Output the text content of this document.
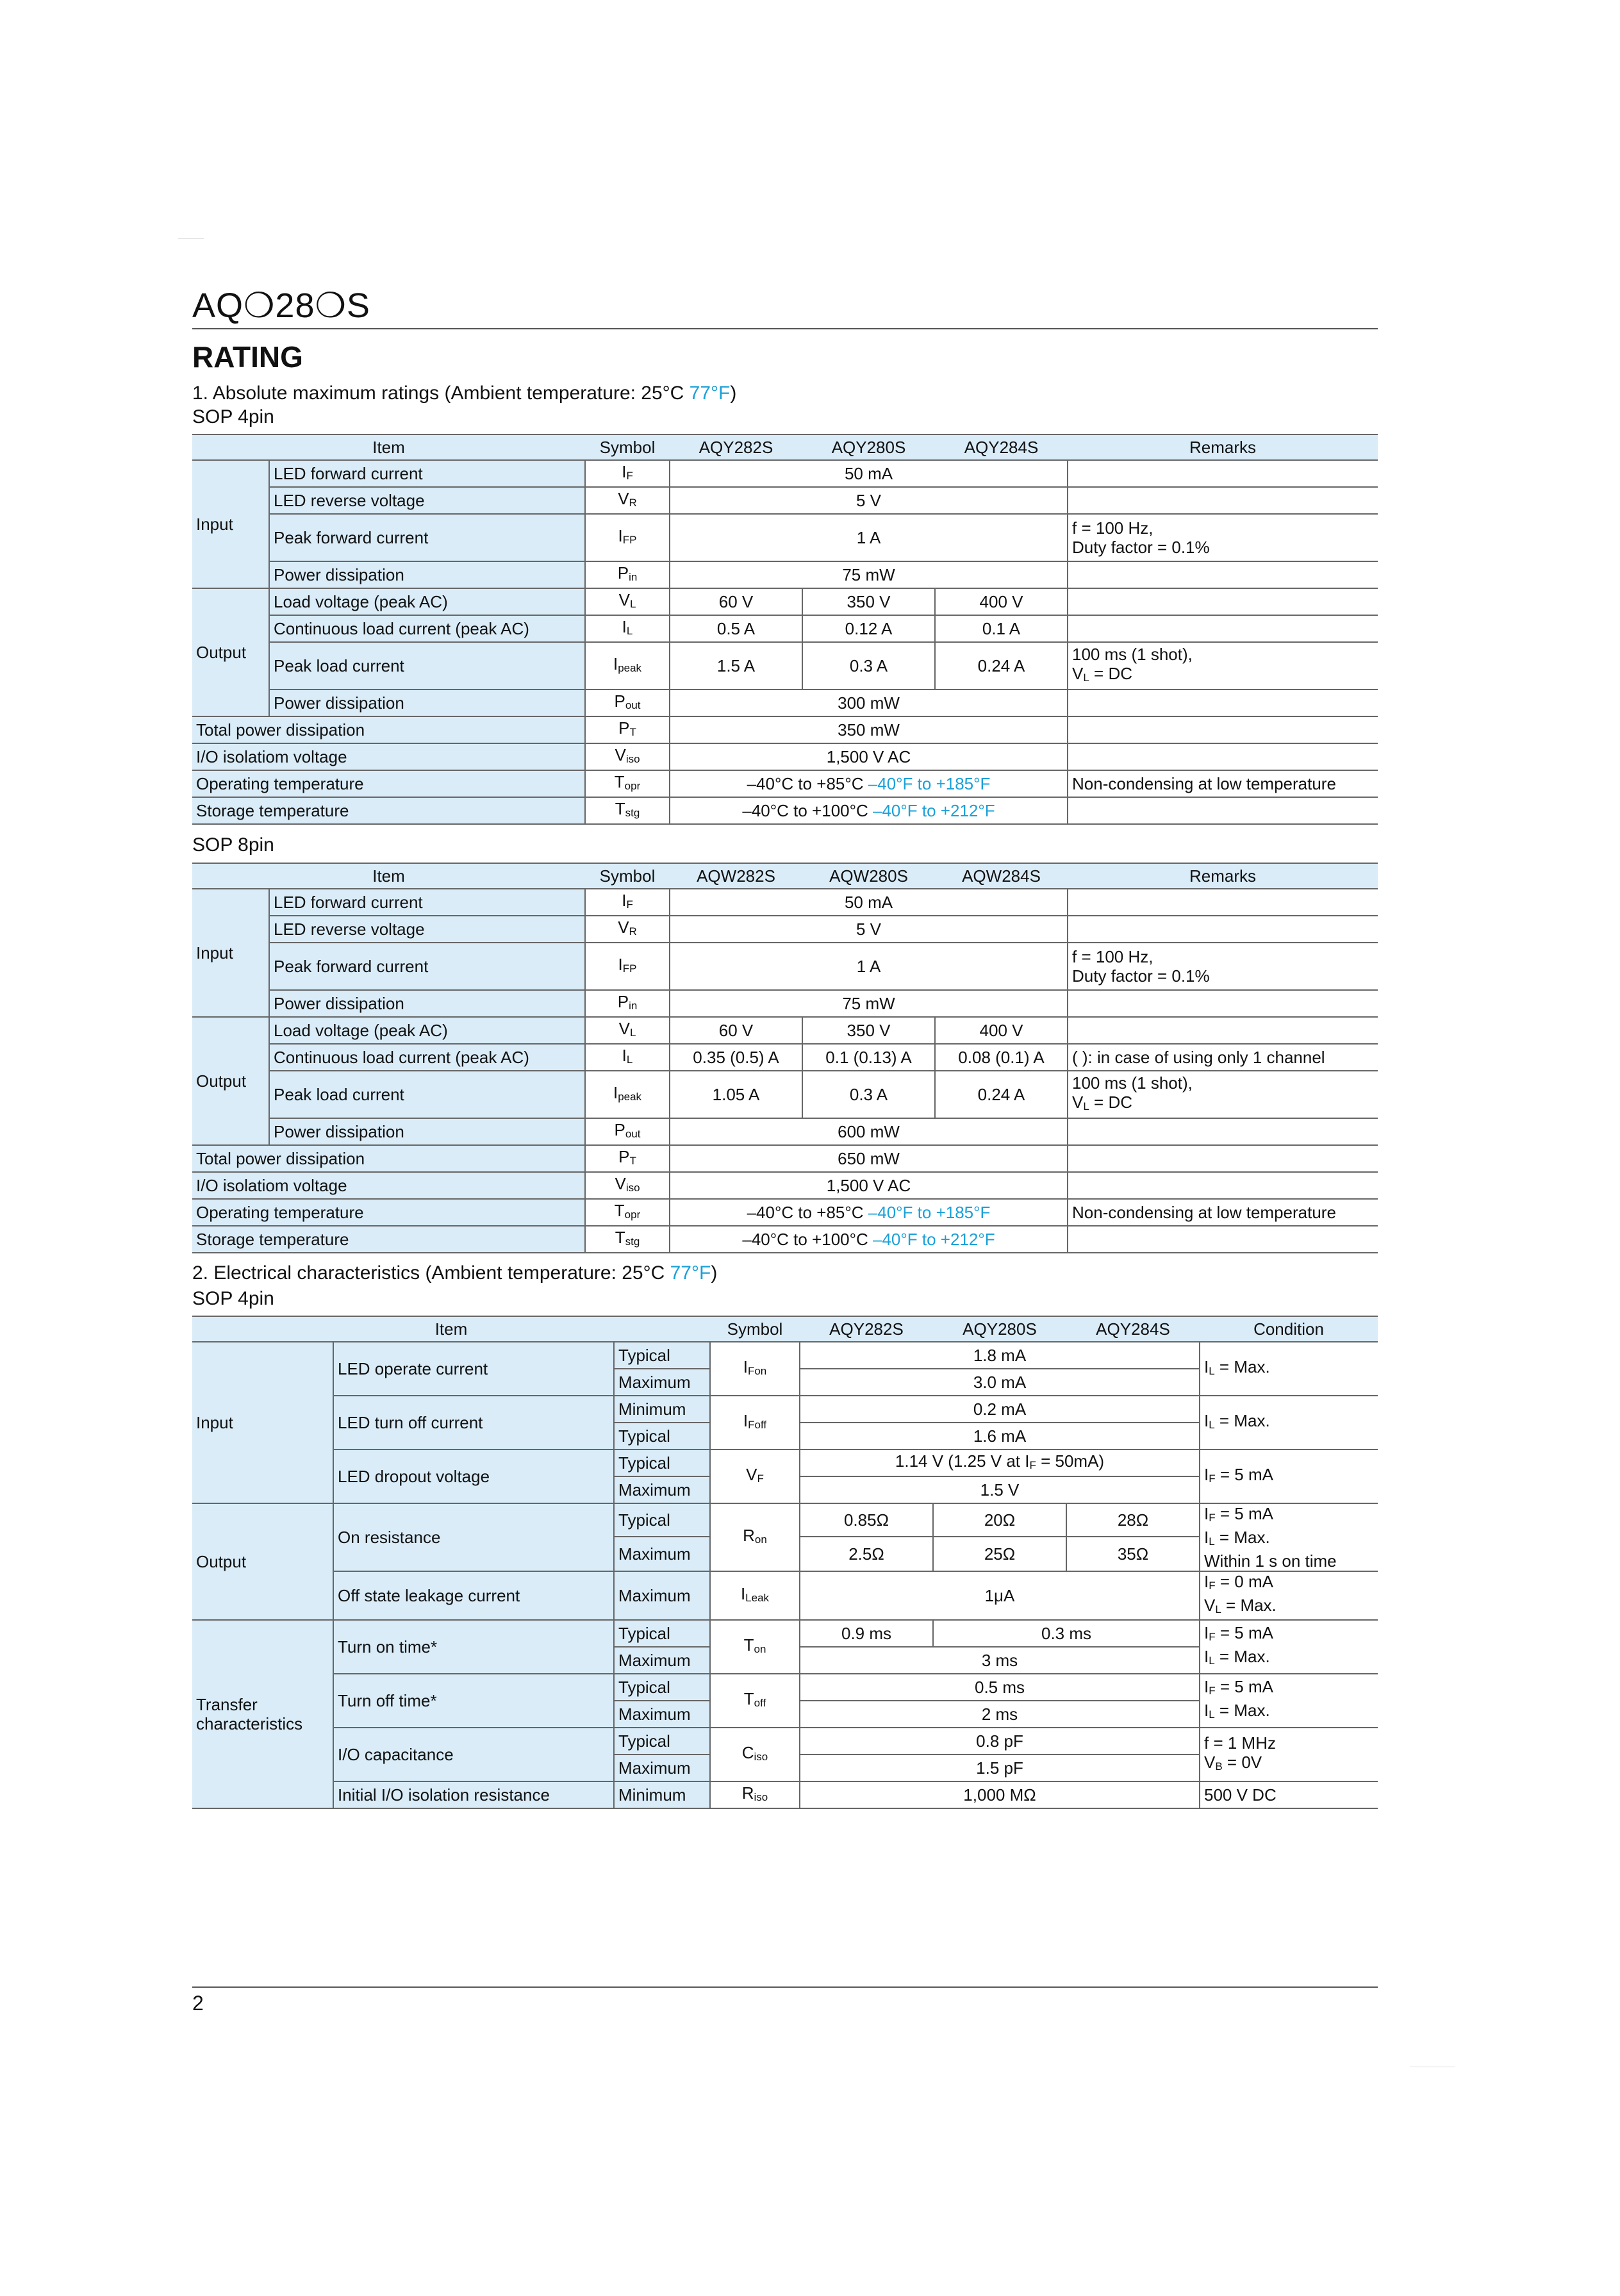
AQ❍28❍S
RATING
1. Absolute maximum ratings (Ambient temperature: 25°C 77°F)
SOP 4pin
Item		Symbol	AQY282S	AQY280S	AQY284S	Remarks
Input	LED forward current	IF	50 mA			
	LED reverse voltage	VR	5 V			
	Peak forward current	IFP	1 A			f = 100 Hz,
Duty factor = 0.1%
	Power dissipation	Pin	75 mW			
Output	Load voltage (peak AC)	VL	60 V	350 V	400 V	
	Continuous load current (peak AC)	IL	0.5 A	0.12 A	0.1 A	
	Peak load current	Ipeak	1.5 A	0.3 A	0.24 A	100 ms (1 shot),
VL = DC
	Power dissipation	Pout	300 mW			
Total power dissipation		PT	350 mW			
I/O isolatiom voltage		Viso	1,500 V AC			
Operating temperature		Topr	–40°C to +85°C –40°F to +185°F			Non-condensing at low temperature
Storage temperature		Tstg	–40°C to +100°C –40°F to +212°F			
SOP 8pin
Item		Symbol	AQW282S	AQW280S	AQW284S	Remarks
Input	LED forward current	IF	50 mA			
	LED reverse voltage	VR	5 V			
	Peak forward current	IFP	1 A			f = 100 Hz,
Duty factor = 0.1%
	Power dissipation	Pin	75 mW			
Output	Load voltage (peak AC)	VL	60 V	350 V	400 V	
	Continuous load current (peak AC)	IL	0.35 (0.5) A	0.1 (0.13) A	0.08 (0.1) A	( ): in case of using only 1 channel
	Peak load current	Ipeak	1.05 A	0.3 A	0.24 A	100 ms (1 shot),
VL = DC
	Power dissipation	Pout	600 mW			
Total power dissipation		PT	650 mW			
I/O isolatiom voltage		Viso	1,500 V AC			
Operating temperature		Topr	–40°C to +85°C –40°F to +185°F			Non-condensing at low temperature
Storage temperature		Tstg	–40°C to +100°C –40°F to +212°F			
2. Electrical characteristics (Ambient temperature: 25°C 77°F)
SOP 4pin
Item			Symbol	AQY282S	AQY280S	AQY284S	Condition
Input	LED operate current	Typical	IFon	1.8 mA			IL = Max.
		Maximum		3.0 mA			
	LED turn off current	Minimum	IFoff	0.2 mA			IL = Max.
		Typical		1.6 mA			
	LED dropout voltage	Typical	VF	1.14 V (1.25 V at IF = 50mA)			IF = 5 mA
		Maximum		1.5 V			
Output	On resistance	Typical	Ron	0.85Ω	20Ω	28Ω	IF = 5 mA
IL = Max.
Within 1 s on time
		Maximum		2.5Ω	25Ω	35Ω	
	Off state leakage current	Maximum	ILeak	1μA			IF = 0 mA
VL = Max.
Transfer
characteristics	Turn on time*	Typical	Ton	0.9 ms	0.3 ms		IF = 5 mA
IL = Max.
		Maximum		3 ms			
	Turn off time*	Typical	Toff	0.5 ms			IF = 5 mA
IL = Max.
		Maximum		2 ms			
	I/O capacitance	Typical	Ciso	0.8 pF			f = 1 MHz
VB = 0V
		Maximum		1.5 pF			
	Initial I/O isolation resistance	Minimum	Riso	1,000 MΩ			500 V DC
2
